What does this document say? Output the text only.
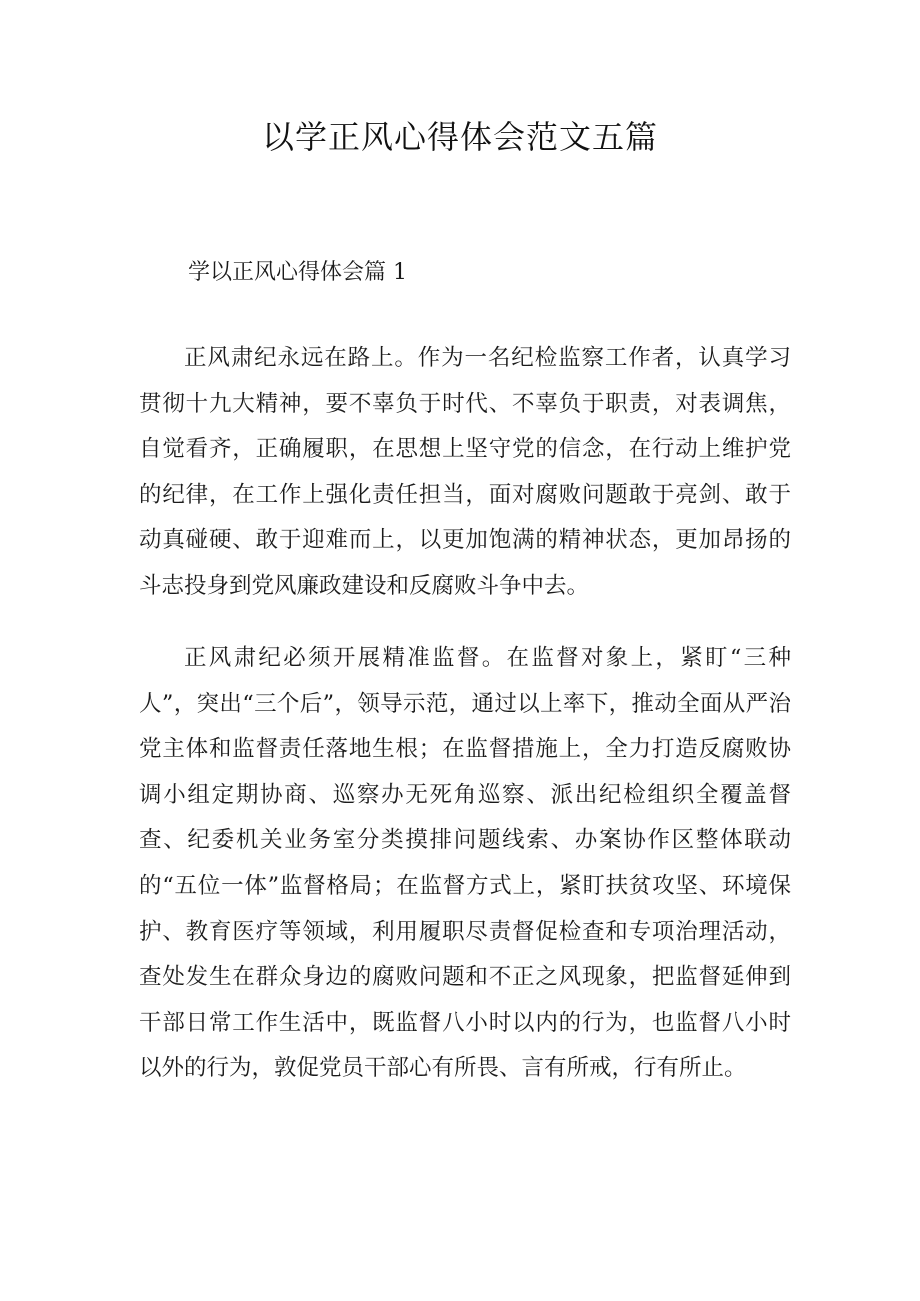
以学正风心得体会范文五篇
学以正风心得体会篇 1

正风肃纪永远在路上。作为一名纪检监察工作者，认真学习贯彻十九大精神，要不辜负于时代、不辜负于职责，对表调焦，自觉看齐，正确履职，在思想上坚守党的信念，在行动上维护党的纪律，在工作上强化责任担当，面对腐败问题敢于亮剑、敢于动真碰硬、敢于迎难而上，以更加饱满的精神状态，更加昂扬的斗志投身到党风廉政建设和反腐败斗争中去。

正风肃纪必须开展精准监督。在监督对象上，紧盯“三种人”，突出“三个后”，领导示范，通过以上率下，推动全面从严治党主体和监督责任落地生根；在监督措施上，全力打造反腐败协调小组定期协商、巡察办无死角巡察、派出纪检组织全覆盖督查、纪委机关业务室分类摸排问题线索、办案协作区整体联动的“五位一体”监督格局；在监督方式上，紧盯扶贫攻坚、环境保护、教育医疗等领域，利用履职尽责督促检查和专项治理活动，查处发生在群众身边的腐败问题和不正之风现象，把监督延伸到干部日常工作生活中，既监督八小时以内的行为，也监督八小时以外的行为，敦促党员干部心有所畏、言有所戒，行有所止。
